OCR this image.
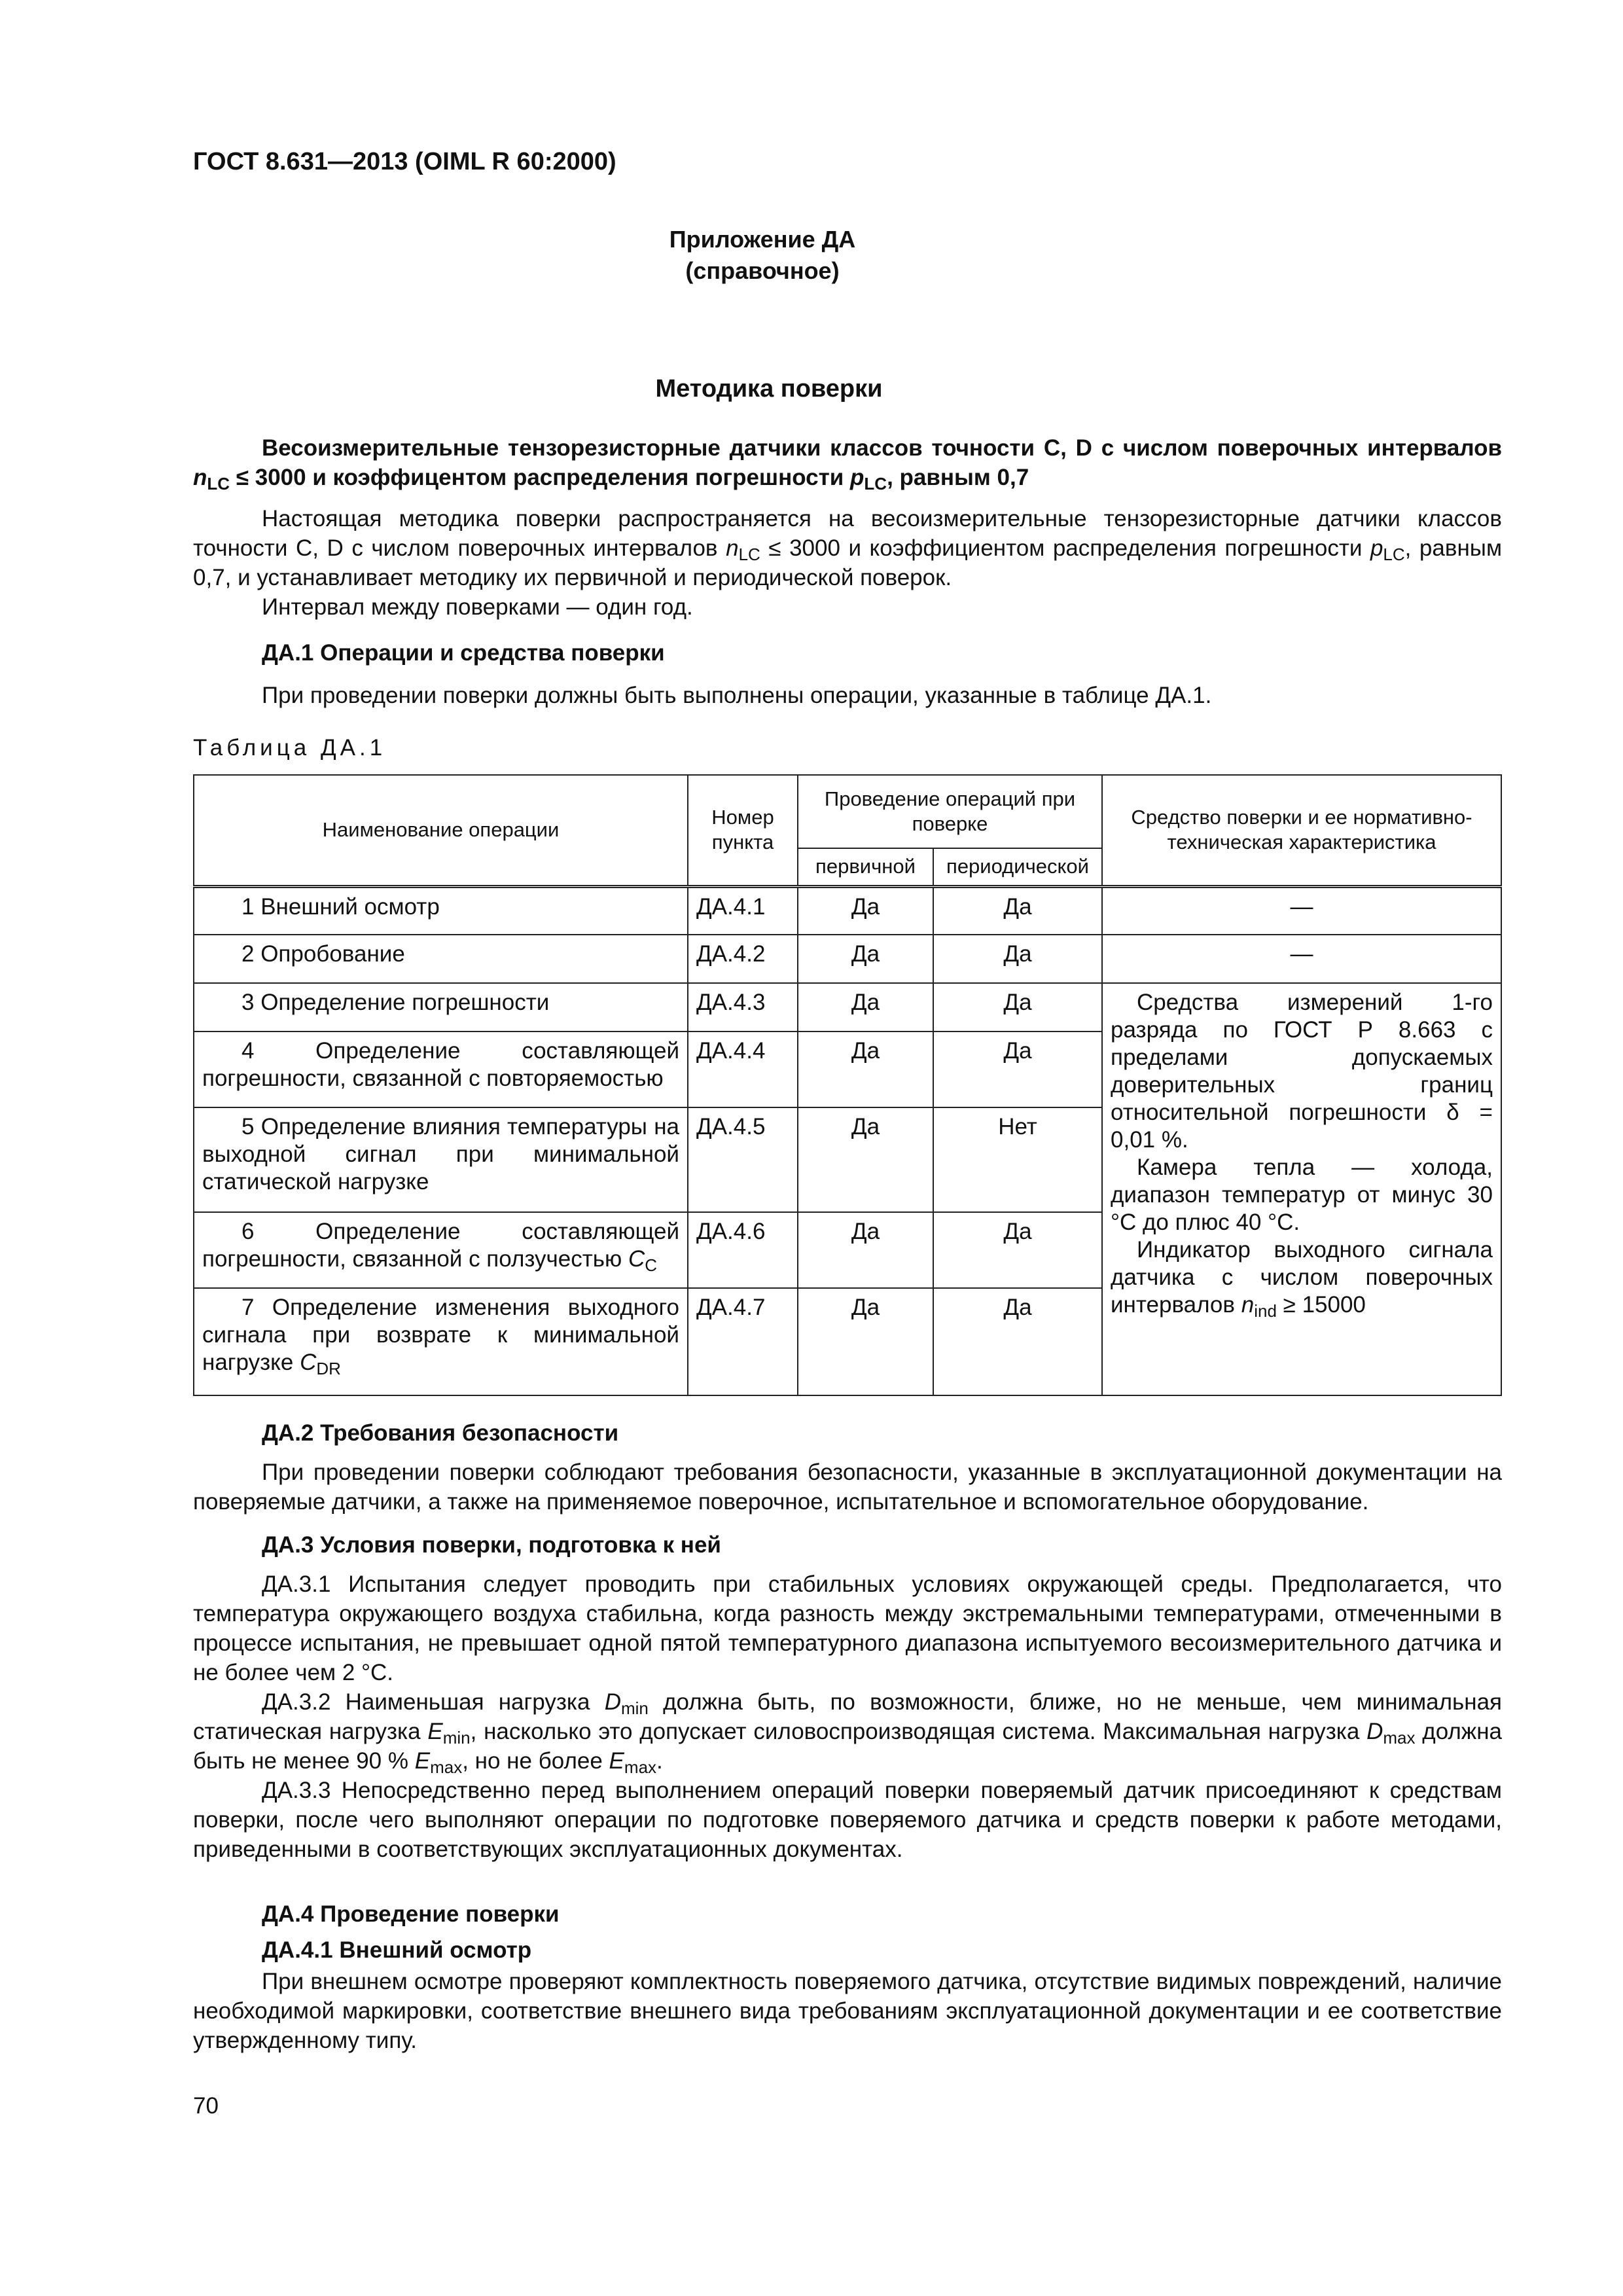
ГОСТ 8.631—2013 (OIML R 60:2000)
Приложение ДА
(справочное)
Методика поверки

Весоизмерительные тензорезисторные датчики классов точности C, D с числом поверочных интервалов $n_{LC} \le 3000$ и коэффицентом распределения погрешности $p_{LC}$, равным 0,7

Настоящая методика поверки распространяется на весоизмерительные тензорезисторные датчики классов точности C, D с числом поверочных интервалов $n_{LC} \le 3000$ и коэффициентом распределения погрешности $p_{LC}$, равным 0,7, и устанавливает методику их первичной и периодической поверок.

Интервал между поверками — один год.

ДА.1 Операции и средства поверки

При проведении поверки должны быть выполнены операции, указанные в таблице ДА.1.

Таблица ДА.1
Наименование операции	Номер пункта	Проведение операций при поверке		Средство поверки и ее нормативно-техническая характеристика
		первичной	периодической	
1 Внешний осмотр	ДА.4.1	Да	Да	—
2 Опробование	ДА.4.2	Да	Да	—
3 Определение погрешности	ДА.4.3	Да	Да	Средства измерений 1-го разряда по ГОСТ Р 8.663 с пределами допускаемых доверительных границ относительной погрешности δ = 0,01 %.
Камера тепла — холода, диапазон температур от минус 30 °С до плюс 40 °С.
Индикатор выходного сигнала датчика с числом поверочных интервалов $n_{ind} \ge 15000$

4 Определение составляющей погрешности, связанной с повторяемостью	ДА.4.4	Да	Да	
5 Определение влияния температуры на выходной сигнал при минимальной статической нагрузке	ДА.4.5	Да	Нет	
6 Определение составляющей погрешности, связанной с ползучестью $C_C$	ДА.4.6	Да	Да	
7 Определение изменения выходного сигнала при возврате к минимальной нагрузке $C_{DR}$	ДА.4.7	Да	Да	
ДА.2 Требования безопасности

При проведении поверки соблюдают требования безопасности, указанные в эксплуатационной документации на поверяемые датчики, а также на применяемое поверочное, испытательное и вспомогательное оборудование.

ДА.3 Условия поверки, подготовка к ней

ДА.3.1 Испытания следует проводить при стабильных условиях окружающей среды. Предполагается, что температура окружающего воздуха стабильна, когда разность между экстремальными температурами, отмеченными в процессе испытания, не превышает одной пятой температурного диапазона испытуемого весоизмерительного датчика и не более чем 2 °С.

ДА.3.2 Наименьшая нагрузка $D_{min}$ должна быть, по возможности, ближе, но не меньше, чем минимальная статическая нагрузка $E_{min}$, насколько это допускает силовоспроизводящая система. Максимальная нагрузка $D_{max}$ должна быть не менее 90 % $E_{max}$, но не более $E_{max}$.

ДА.3.3 Непосредственно перед выполнением операций поверки поверяемый датчик присоединяют к средствам поверки, после чего выполняют операции по подготовке поверяемого датчика и средств поверки к работе методами, приведенными в соответствующих эксплуатационных документах.

ДА.4 Проведение поверки
ДА.4.1 Внешний осмотр

При внешнем осмотре проверяют комплектность поверяемого датчика, отсутствие видимых повреждений, наличие необходимой маркировки, соответствие внешнего вида требованиям эксплуатационной документации и ее соответствие утвержденному типу.

70
